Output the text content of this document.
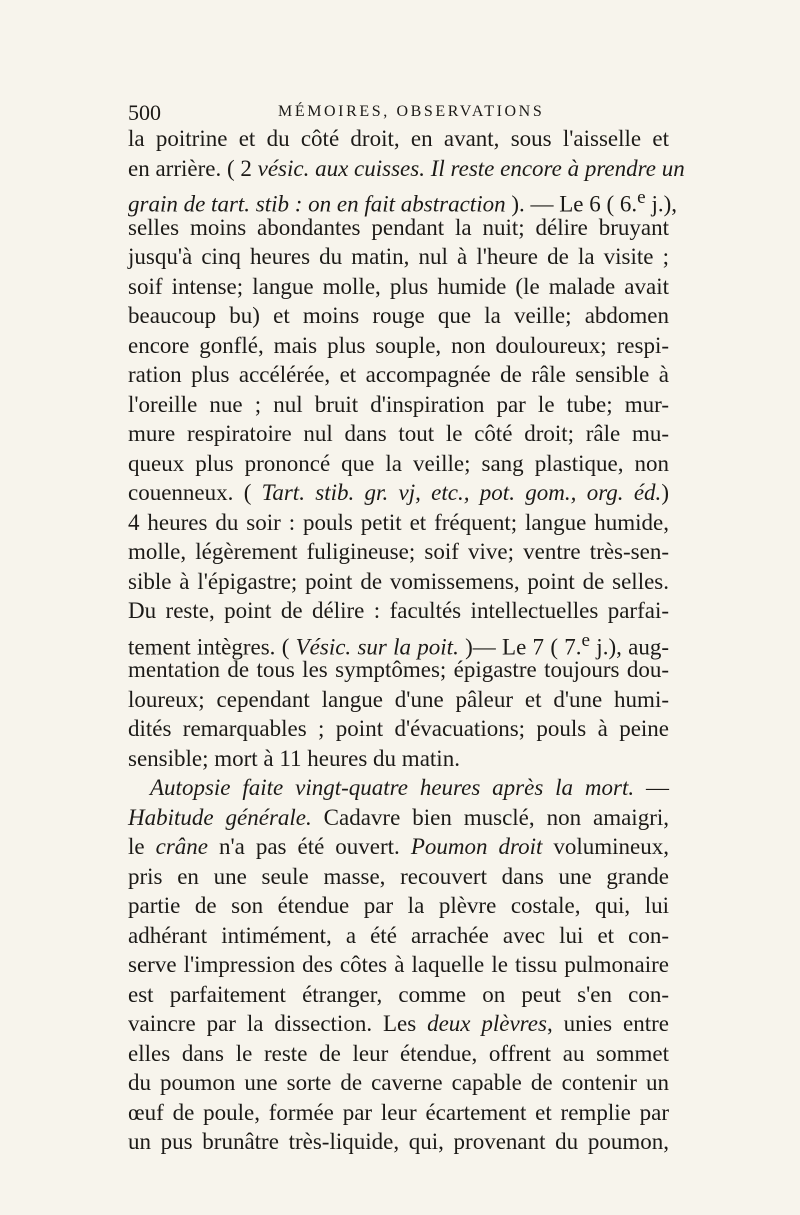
500	MÉMOIRES, OBSERVATIONS
la poitrine et du côté droit, en avant, sous l'aisselle et
en arrière. ( 2 vésic. aux cuisses. Il reste encore à prendre un
grain de tart. stib : on en fait abstraction ). — Le 6 ( 6.$^e$ j.),
selles moins abondantes pendant la nuit; délire bruyant
jusqu'à cinq heures du matin, nul à l'heure de la visite ;
soif intense; langue molle, plus humide (le malade avait
beaucoup bu) et moins rouge que la veille; abdomen
encore gonflé, mais plus souple, non douloureux; respi-
ration plus accélérée, et accompagnée de râle sensible à
l'oreille nue ; nul bruit d'inspiration par le tube; mur-
mure respiratoire nul dans tout le côté droit; râle mu-
queux plus prononcé que la veille; sang plastique, non
couenneux. ( Tart. stib. gr. vj, etc., pot. gom., org. éd.)
4 heures du soir : pouls petit et fréquent; langue humide,
molle, légèrement fuligineuse; soif vive; ventre très-sen-
sible à l'épigastre; point de vomissemens, point de selles.
Du reste, point de délire : facultés intellectuelles parfai-
tement intègres. ( Vésic. sur la poit. )— Le 7 ( 7.$^e$ j.), aug-
mentation de tous les symptômes; épigastre toujours dou-
loureux; cependant langue d'une pâleur et d'une humi-
dités remarquables ; point d'évacuations; pouls à peine
sensible; mort à 11 heures du matin.
Autopsie faite vingt-quatre heures après la mort. —
Habitude générale. Cadavre bien musclé, non amaigri,
le crâne n'a pas été ouvert. Poumon droit volumineux,
pris en une seule masse, recouvert dans une grande
partie de son étendue par la plèvre costale, qui, lui
adhérant intimément, a été arrachée avec lui et con-
serve l'impression des côtes à laquelle le tissu pulmonaire
est parfaitement étranger, comme on peut s'en con-
vaincre par la dissection. Les deux plèvres, unies entre
elles dans le reste de leur étendue, offrent au sommet
du poumon une sorte de caverne capable de contenir un
œuf de poule, formée par leur écartement et remplie par
un pus brunâtre très-liquide, qui, provenant du poumon,
